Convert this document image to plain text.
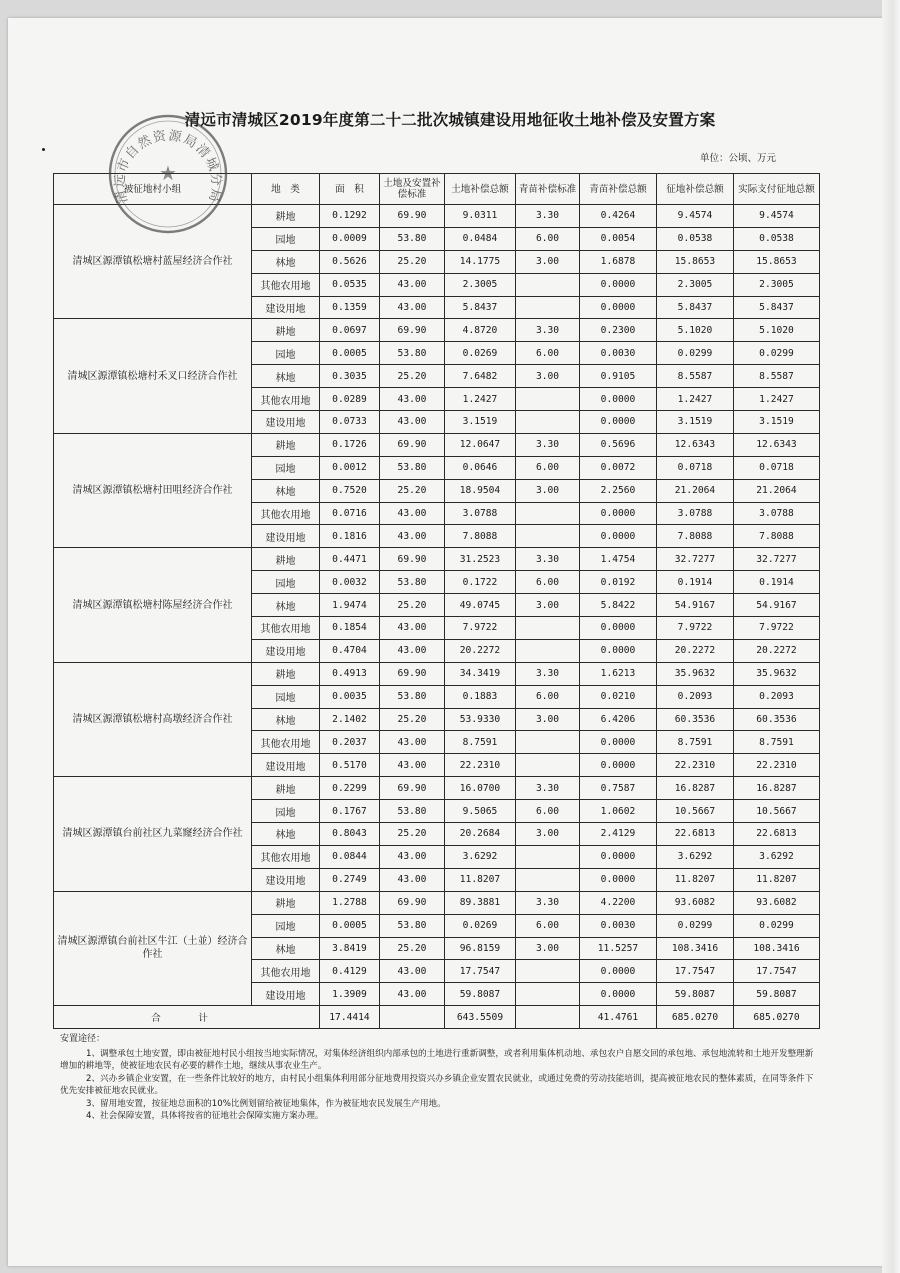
清远市清城区2019年度第二十二批次城镇建设用地征收土地补偿及安置方案
单位：公顷、万元
被征地村小组	地　类	面　积	土地及安置补偿标准	土地补偿总额	青苗补偿标准	青苗补偿总额	征地补偿总额	实际支付征地总额
清城区源潭镇松塘村蓝屋经济合作社	耕地	0.1292	69.90	9.0311	3.30	0.4264	9.4574	9.4574
	园地	0.0009	53.80	0.0484	6.00	0.0054	0.0538	0.0538
	林地	0.5626	25.20	14.1775	3.00	1.6878	15.8653	15.8653
	其他农用地	0.0535	43.00	2.3005		0.0000	2.3005	2.3005
	建设用地	0.1359	43.00	5.8437		0.0000	5.8437	5.8437
清城区源潭镇松塘村禾叉口经济合作社	耕地	0.0697	69.90	4.8720	3.30	0.2300	5.1020	5.1020
	园地	0.0005	53.80	0.0269	6.00	0.0030	0.0299	0.0299
	林地	0.3035	25.20	7.6482	3.00	0.9105	8.5587	8.5587
	其他农用地	0.0289	43.00	1.2427		0.0000	1.2427	1.2427
	建设用地	0.0733	43.00	3.1519		0.0000	3.1519	3.1519
清城区源潭镇松塘村田咀经济合作社	耕地	0.1726	69.90	12.0647	3.30	0.5696	12.6343	12.6343
	园地	0.0012	53.80	0.0646	6.00	0.0072	0.0718	0.0718
	林地	0.7520	25.20	18.9504	3.00	2.2560	21.2064	21.2064
	其他农用地	0.0716	43.00	3.0788		0.0000	3.0788	3.0788
	建设用地	0.1816	43.00	7.8088		0.0000	7.8088	7.8088
清城区源潭镇松塘村陈屋经济合作社	耕地	0.4471	69.90	31.2523	3.30	1.4754	32.7277	32.7277
	园地	0.0032	53.80	0.1722	6.00	0.0192	0.1914	0.1914
	林地	1.9474	25.20	49.0745	3.00	5.8422	54.9167	54.9167
	其他农用地	0.1854	43.00	7.9722		0.0000	7.9722	7.9722
	建设用地	0.4704	43.00	20.2272		0.0000	20.2272	20.2272
清城区源潭镇松塘村高墩经济合作社	耕地	0.4913	69.90	34.3419	3.30	1.6213	35.9632	35.9632
	园地	0.0035	53.80	0.1883	6.00	0.0210	0.2093	0.2093
	林地	2.1402	25.20	53.9330	3.00	6.4206	60.3536	60.3536
	其他农用地	0.2037	43.00	8.7591		0.0000	8.7591	8.7591
	建设用地	0.5170	43.00	22.2310		0.0000	22.2310	22.2310
清城区源潭镇台前社区九菜窿经济合作社	耕地	0.2299	69.90	16.0700	3.30	0.7587	16.8287	16.8287
	园地	0.1767	53.80	9.5065	6.00	1.0602	10.5667	10.5667
	林地	0.8043	25.20	20.2684	3.00	2.4129	22.6813	22.6813
	其他农用地	0.0844	43.00	3.6292		0.0000	3.6292	3.6292
	建设用地	0.2749	43.00	11.8207		0.0000	11.8207	11.8207
清城区源潭镇台前社区牛江（土並）经济合作社	耕地	1.2788	69.90	89.3881	3.30	4.2200	93.6082	93.6082
	园地	0.0005	53.80	0.0269	6.00	0.0030	0.0299	0.0299
	林地	3.8419	25.20	96.8159	3.00	11.5257	108.3416	108.3416
	其他农用地	0.4129	43.00	17.7547		0.0000	17.7547	17.7547
	建设用地	1.3909	43.00	59.8087		0.0000	59.8087	59.8087
合　计		17.4414		643.5509		41.4761	685.0270	685.0270
安置途径：

1、调整承包土地安置，即由被征地村民小组按当地实际情况，对集体经济组织内部承包的土地进行重新调整，或者利用集体机动地、承包农户自愿交回的承包地、承包地流转和土地开发整理新增加的耕地等，使被征地农民有必要的耕作土地，继续从事农业生产。

2、兴办乡镇企业安置，在一些条件比较好的地方，由村民小组集体利用部分征地费用投资兴办乡镇企业安置农民就业，或通过免费的劳动技能培训，提高被征地农民的整体素质，在同等条件下优先安排被征地农民就业。

3、留用地安置，按征地总面积的10%比例划留给被征地集体，作为被征地农民发展生产用地。

4、社会保障安置，具体将按省的征地社会保障实施方案办理。

清远市自然资源局清城分局
★
